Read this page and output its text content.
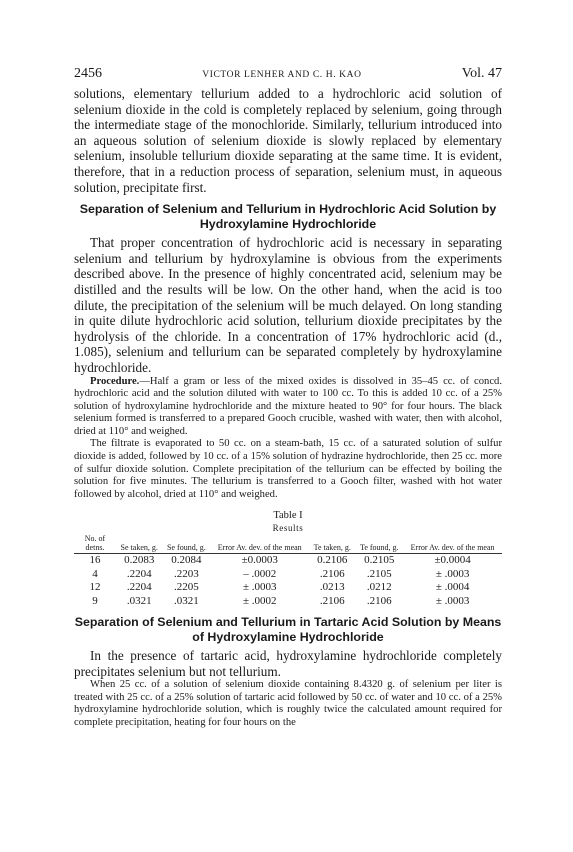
2456	VICTOR LENHER AND C. H. KAO	Vol. 47

solutions, elementary tellurium added to a hydrochloric acid solution of selenium dioxide in the cold is completely replaced by selenium, going through the intermediate stage of the monochloride. Similarly, tellurium introduced into an aqueous solution of selenium dioxide is slowly replaced by elementary selenium, insoluble tellurium dioxide separating at the same time. It is evident, therefore, that in a reduction process of separation, selenium must, in aqueous solution, precipitate first.

Separation of Selenium and Tellurium in Hydrochloric Acid Solution by Hydroxylamine Hydrochloride

That proper concentration of hydrochloric acid is necessary in separating selenium and tellurium by hydroxylamine is obvious from the experiments described above. In the presence of highly concentrated acid, selenium may be distilled and the results will be low. On the other hand, when the acid is too dilute, the precipitation of the selenium will be much delayed. On long standing in quite dilute hydrochloric acid solution, tellurium dioxide precipitates by the hydrolysis of the chloride. In a concentration of 17% hydrochloric acid (d., 1.085), selenium and tellurium can be separated completely by hydroxylamine hydrochloride.

Procedure.—Half a gram or less of the mixed oxides is dissolved in 35–45 cc. of concd. hydrochloric acid and the solution diluted with water to 100 cc. To this is added 10 cc. of a 25% solution of hydroxylamine hydrochloride and the mixture heated to 90° for four hours. The black selenium formed is transferred to a prepared Gooch crucible, washed with water, then with alcohol, dried at 110° and weighed.

The filtrate is evaporated to 50 cc. on a steam-bath, 15 cc. of a saturated solution of sulfur dioxide is added, followed by 10 cc. of a 15% solution of hydrazine hydrochloride, then 25 cc. more of sulfur dioxide solution. Complete precipitation of the tellurium can be effected by boiling the solution for five minutes. The tellurium is transferred to a Gooch filter, washed with hot water followed by alcohol, dried at 110° and weighed.

Table I
Results
No. of detns.	Se taken, g.	Se found, g.	Error Av. dev. of the mean	Te taken, g.	Te found, g.	Error Av. dev. of the mean
16	0.2083	0.2084	±0.0003	0.2106	0.2105	±0.0004
4	.2204	.2203	– .0002	.2106	.2105	± .0003
12	.2204	.2205	± .0003	.0213	.0212	± .0004
9	.0321	.0321	± .0002	.2106	.2106	± .0003
Separation of Selenium and Tellurium in Tartaric Acid Solution by Means of Hydroxylamine Hydrochloride

In the presence of tartaric acid, hydroxylamine hydrochloride completely precipitates selenium but not tellurium.

When 25 cc. of a solution of selenium dioxide containing 8.4320 g. of selenium per liter is treated with 25 cc. of a 25% solution of tartaric acid followed by 50 cc. of water and 10 cc. of a 25% hydroxylamine hydrochloride solution, which is roughly twice the calculated amount required for complete precipitation, heating for four hours on the
